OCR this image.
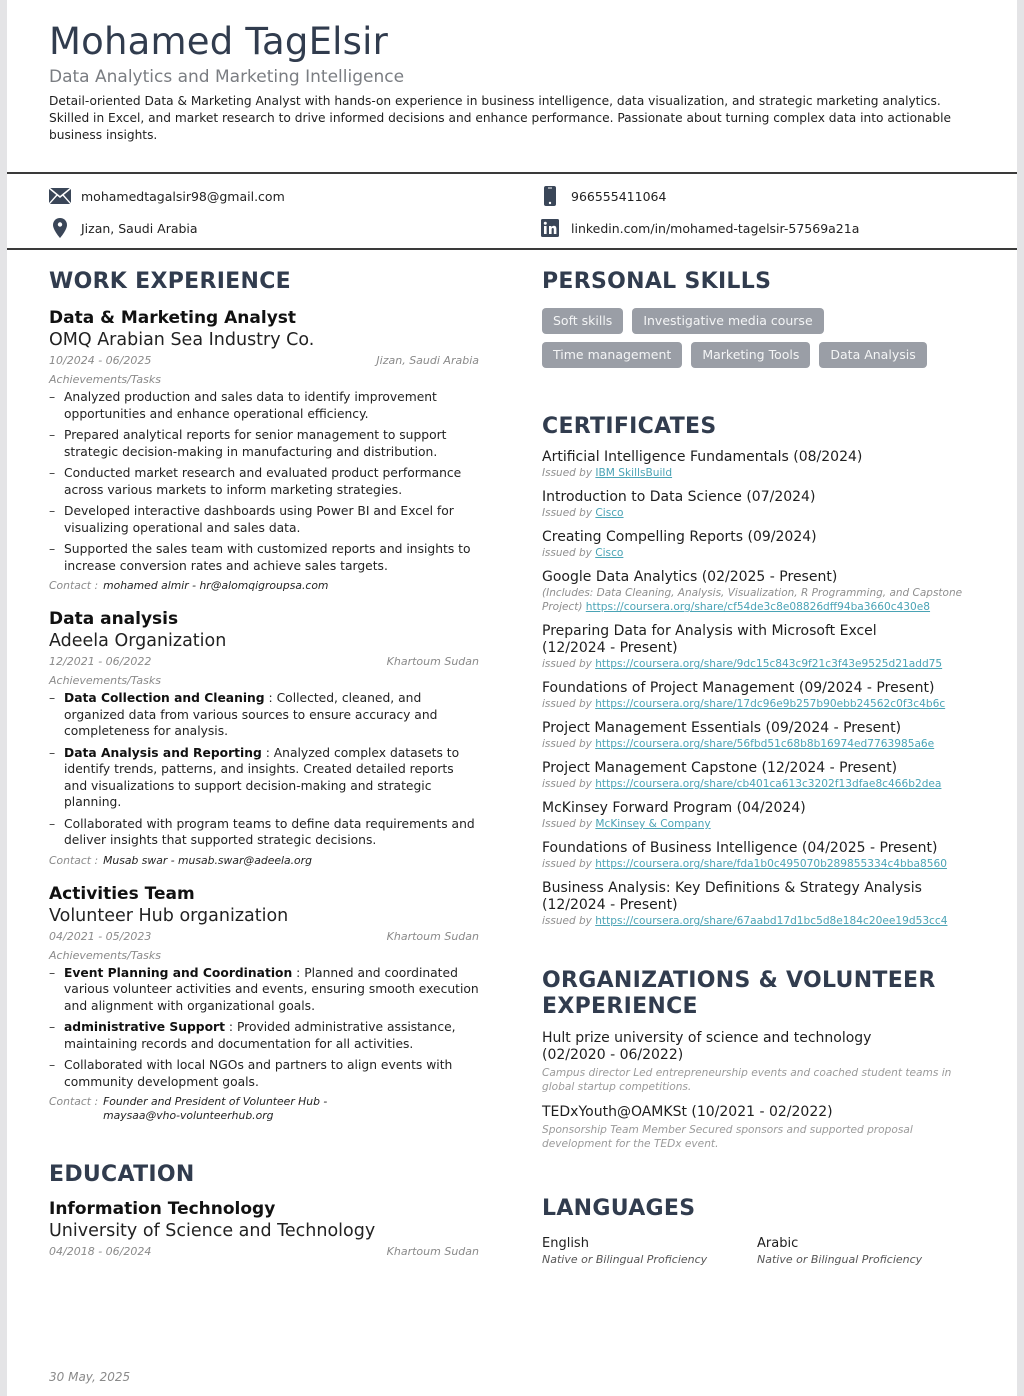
Mohamed TagElsir
Data Analytics and Marketing Intelligence
Detail-oriented Data & Marketing Analyst with hands-on experience in business intelligence, data visualization, and strategic marketing analytics. Skilled in Excel, and market research to drive informed decisions and enhance performance. Passionate about turning complex data into actionable business insights.
mohamedtagalsir98@gmail.com
Jizan, Saudi Arabia
966555411064
linkedin.com/in/mohamed-tagelsir-57569a21a
WORK EXPERIENCE
Data & Marketing Analyst
OMQ Arabian Sea Industry Co.
10/2024 - 06/2025	Jizan, Saudi Arabia
Achievements/Tasks
– Analyzed production and sales data to identify improvement opportunities and enhance operational efficiency.
– Prepared analytical reports for senior management to support strategic decision-making in manufacturing and distribution.
– Conducted market research and evaluated product performance across various markets to inform marketing strategies.
– Developed interactive dashboards using Power BI and Excel for visualizing operational and sales data.
– Supported the sales team with customized reports and insights to increase conversion rates and achieve sales targets.
Contact : mohamed almir - hr@alomqigroupsa.com
Data analysis
Adeela Organization
12/2021 - 06/2022	Khartoum Sudan
Achievements/Tasks
– Data Collection and Cleaning : Collected, cleaned, and organized data from various sources to ensure accuracy and completeness for analysis.
– Data Analysis and Reporting : Analyzed complex datasets to identify trends, patterns, and insights. Created detailed reports and visualizations to support decision-making and strategic planning.
– Collaborated with program teams to define data requirements and deliver insights that supported strategic decisions.
Contact : Musab swar - musab.swar@adeela.org
Activities Team
Volunteer Hub organization
04/2021 - 05/2023	Khartoum Sudan
Achievements/Tasks
– Event Planning and Coordination : Planned and coordinated various volunteer activities and events, ensuring smooth execution and alignment with organizational goals.
– administrative Support : Provided administrative assistance, maintaining records and documentation for all activities.
– Collaborated with local NGOs and partners to align events with community development goals.
Contact : Founder and President of Volunteer Hub - maysaa@vho-volunteerhub.org
EDUCATION
Information Technology
University of Science and Technology
04/2018 - 06/2024	Khartoum Sudan
PERSONAL SKILLS
Soft skills	Investigative media course
Time management	Marketing Tools	Data Analysis
CERTIFICATES
Artificial Intelligence Fundamentals (08/2024)
Issued by IBM SkillsBuild
Introduction to Data Science (07/2024)
Issued by Cisco
Creating Compelling Reports (09/2024)
issued by Cisco
Google Data Analytics (02/2025 - Present)
(Includes: Data Cleaning, Analysis, Visualization, R Programming, and Capstone Project) https://coursera.org/share/cf54de3c8e08826dff94ba3660c430e8
Preparing Data for Analysis with Microsoft Excel (12/2024 - Present)
issued by https://coursera.org/share/9dc15c843c9f21c3f43e9525d21add75
Foundations of Project Management (09/2024 - Present)
issued by https://coursera.org/share/17dc96e9b257b90ebb24562c0f3c4b6c
Project Management Essentials (09/2024 - Present)
issued by https://coursera.org/share/56fbd51c68b8b16974ed7763985a6e
Project Management Capstone (12/2024 - Present)
issued by https://coursera.org/share/cb401ca613c3202f13dfae8c466b2dea
McKinsey Forward Program (04/2024)
Issued by McKinsey & Company
Foundations of Business Intelligence (04/2025 - Present)
issued by https://coursera.org/share/fda1b0c495070b289855334c4bba8560
Business Analysis: Key Definitions & Strategy Analysis (12/2024 - Present)
issued by https://coursera.org/share/67aabd17d1bc5d8e184c20ee19d53cc4
ORGANIZATIONS & VOLUNTEER EXPERIENCE
Hult prize university of science and technology (02/2020 - 06/2022)
Campus director Led entrepreneurship events and coached student teams in global startup competitions.
TEDxYouth@OAMKSt (10/2021 - 02/2022)
Sponsorship Team Member Secured sponsors and supported proposal development for the TEDx event.
LANGUAGES
English
Native or Bilingual Proficiency
Arabic
Native or Bilingual Proficiency
30 May, 2025
